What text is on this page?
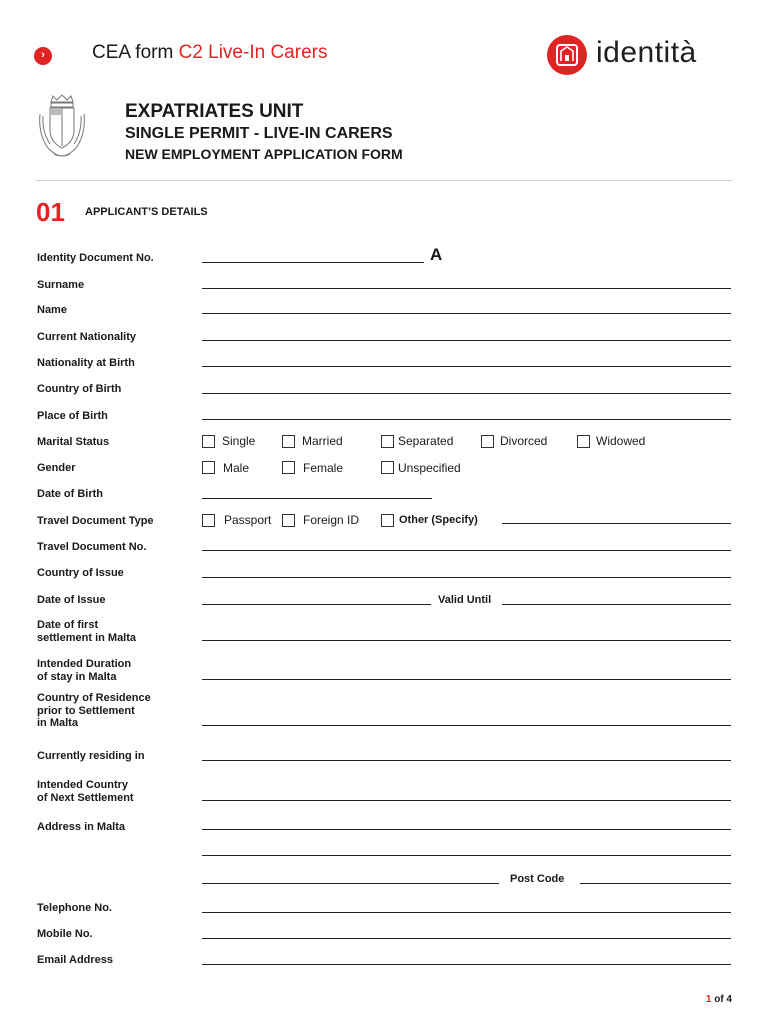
›	CEA form C2 Live-In Carers	identità
EXPATRIATES UNIT
SINGLE PERMIT - LIVE-IN CARERS
NEW EMPLOYMENT APPLICATION FORM
01 APPLICANT’S DETAILS
Identity Document No.	A
Surname
Name
Current Nationality
Nationality at Birth
Country of Birth
Place of Birth
Marital Status	Single	Married	Separated	Divorced	Widowed
Gender	Male	Female	Unspecified
Date of Birth
Travel Document Type	Passport	Foreign ID	Other (Specify)
Travel Document No.
Country of Issue
Date of Issue	Valid Until
Date of first
settlement in Malta
Intended Duration
of stay in Malta
Country of Residence
prior to Settlement
in Malta
Currently residing in
Intended Country
of Next Settlement
Address in Malta
Post Code
Telephone No.
Mobile No.
Email Address
1 of 4
